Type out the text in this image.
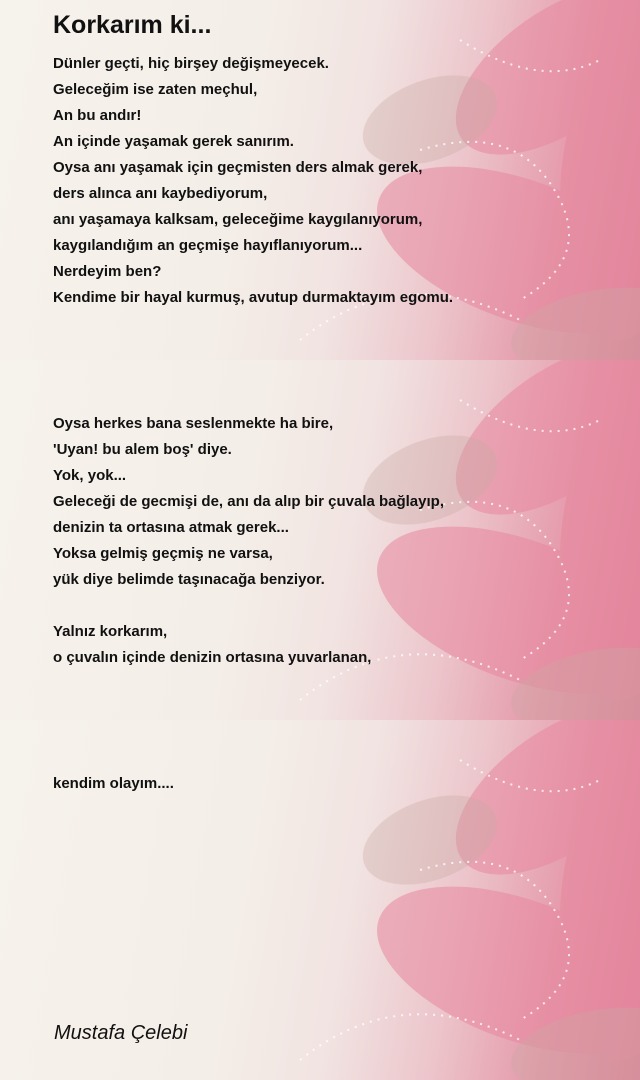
Korkarım ki...
Dünler geçti, hiç birşey değişmeyecek.
Geleceğim ise zaten meçhul,
An bu andır!
An içinde yaşamak gerek sanırım.
Oysa anı yaşamak için geçmisten ders almak gerek,
ders alınca anı kaybediyorum,
anı yaşamaya kalksam, geleceğime kaygılanıyorum,
kaygılandığım an geçmişe hayıflanıyorum...
Nerdeyim ben?
Kendime bir hayal kurmuş, avutup durmaktayım egomu.
Oysa herkes bana seslenmekte ha bire,
'Uyan! bu alem boş' diye.
Yok, yok...
Geleceği de gecmişi de, anı da alıp bir çuvala bağlayıp,
denizin ta ortasına atmak gerek...
Yoksa gelmiş geçmiş ne varsa,
yük diye belimde taşınacağa benziyor.
Yalnız korkarım,
o çuvalın içinde denizin ortasına yuvarlanan,
kendim olayım....
Mustafa Çelebi
